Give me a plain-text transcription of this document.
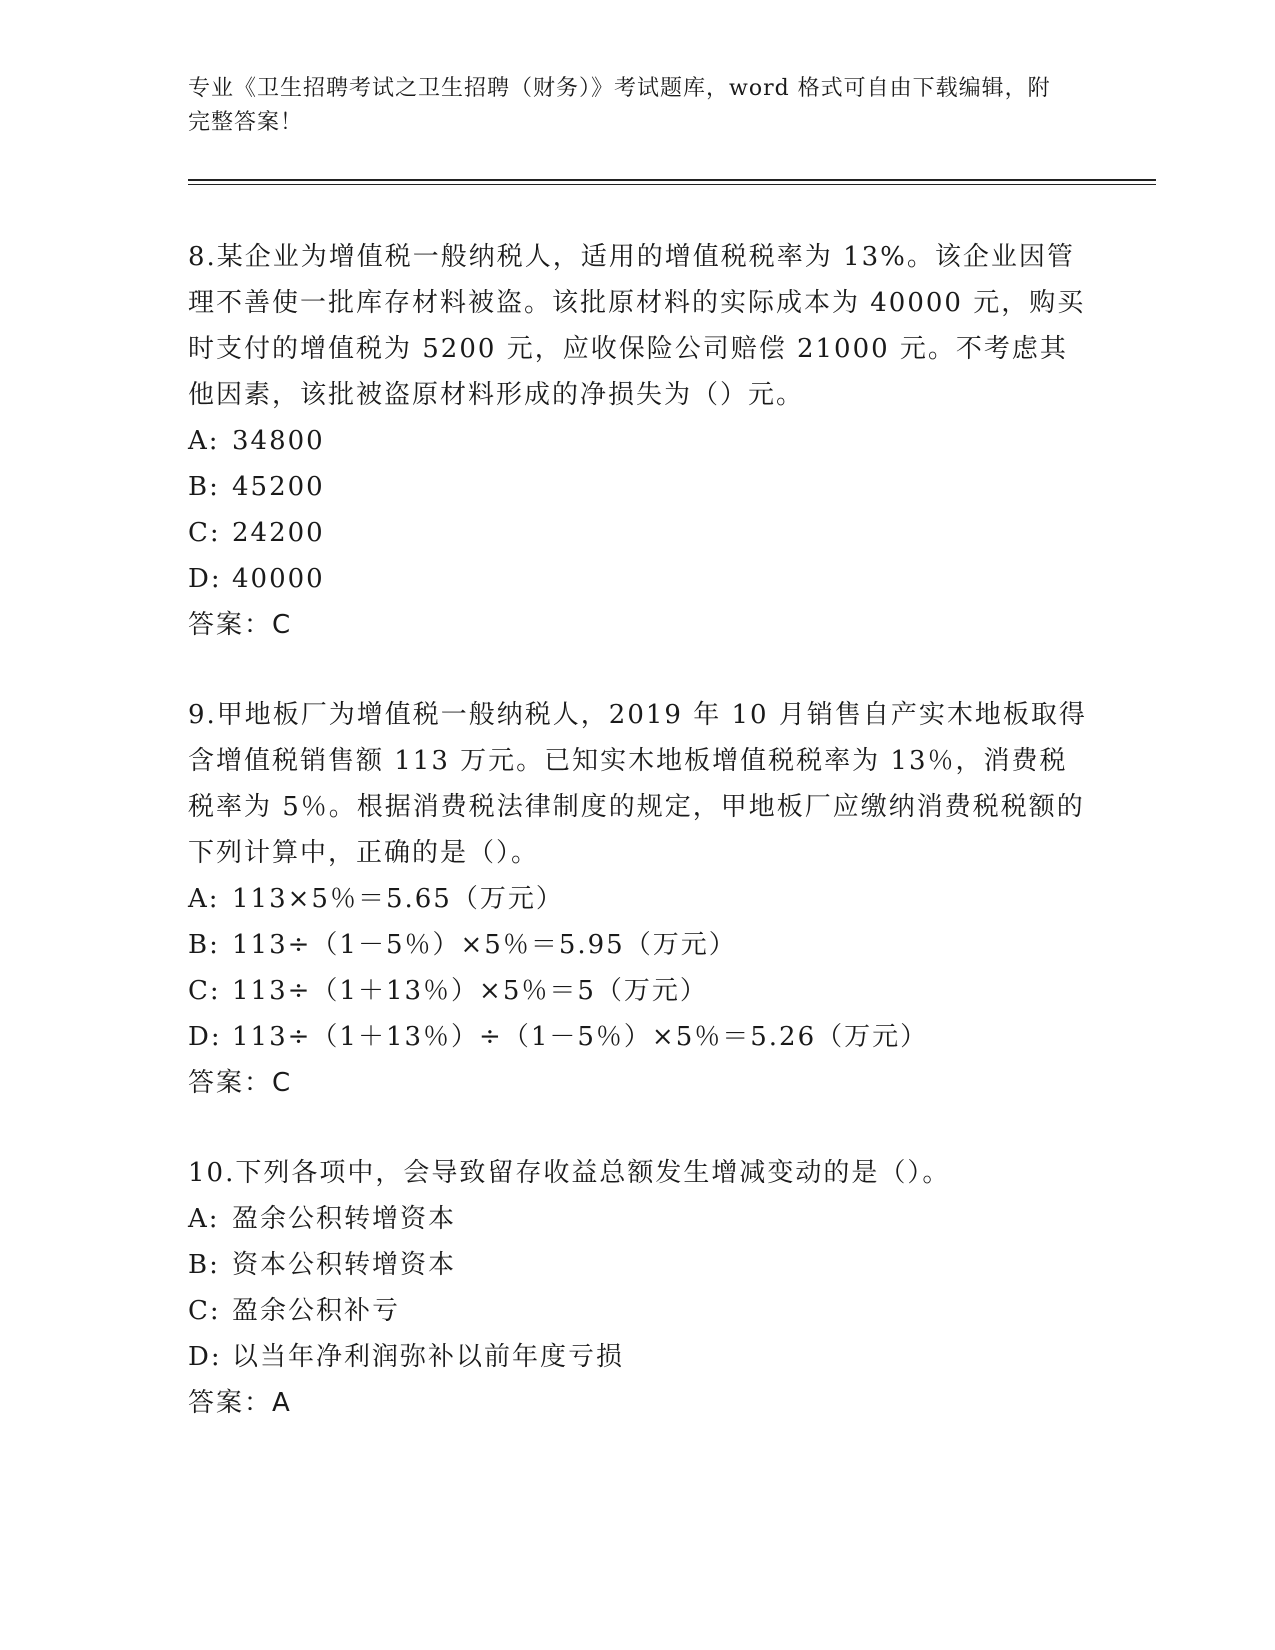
专业《卫生招聘考试之卫生招聘（财务）》考试题库，word 格式可自由下载编辑，附完整答案！

8.某企业为增值税一般纳税人，适用的增值税税率为 13%。该企业因管理不善使一批库存材料被盗。该批原材料的实际成本为 40000 元，购买时支付的增值税为 5200 元，应收保险公司赔偿 21000 元。不考虑其他因素，该批被盗原材料形成的净损失为（）元。

A: 34800

B: 45200

C: 24200

D: 40000

答案：C

9.甲地板厂为增值税一般纳税人，2019 年 10 月销售自产实木地板取得含增值税销售额 113 万元。已知实木地板增值税税率为 13％，消费税税率为 5％。根据消费税法律制度的规定，甲地板厂应缴纳消费税税额的下列计算中，正确的是（）。

A: 113×5％＝5.65（万元）

B: 113÷（1－5％）×5％＝5.95（万元）

C: 113÷（1＋13％）×5％＝5（万元）

D: 113÷（1＋13％）÷（1－5％）×5％＝5.26（万元）

答案：C

10.下列各项中，会导致留存收益总额发生增减变动的是（）。

A: 盈余公积转增资本

B: 资本公积转增资本

C: 盈余公积补亏

D: 以当年净利润弥补以前年度亏损

答案：A
